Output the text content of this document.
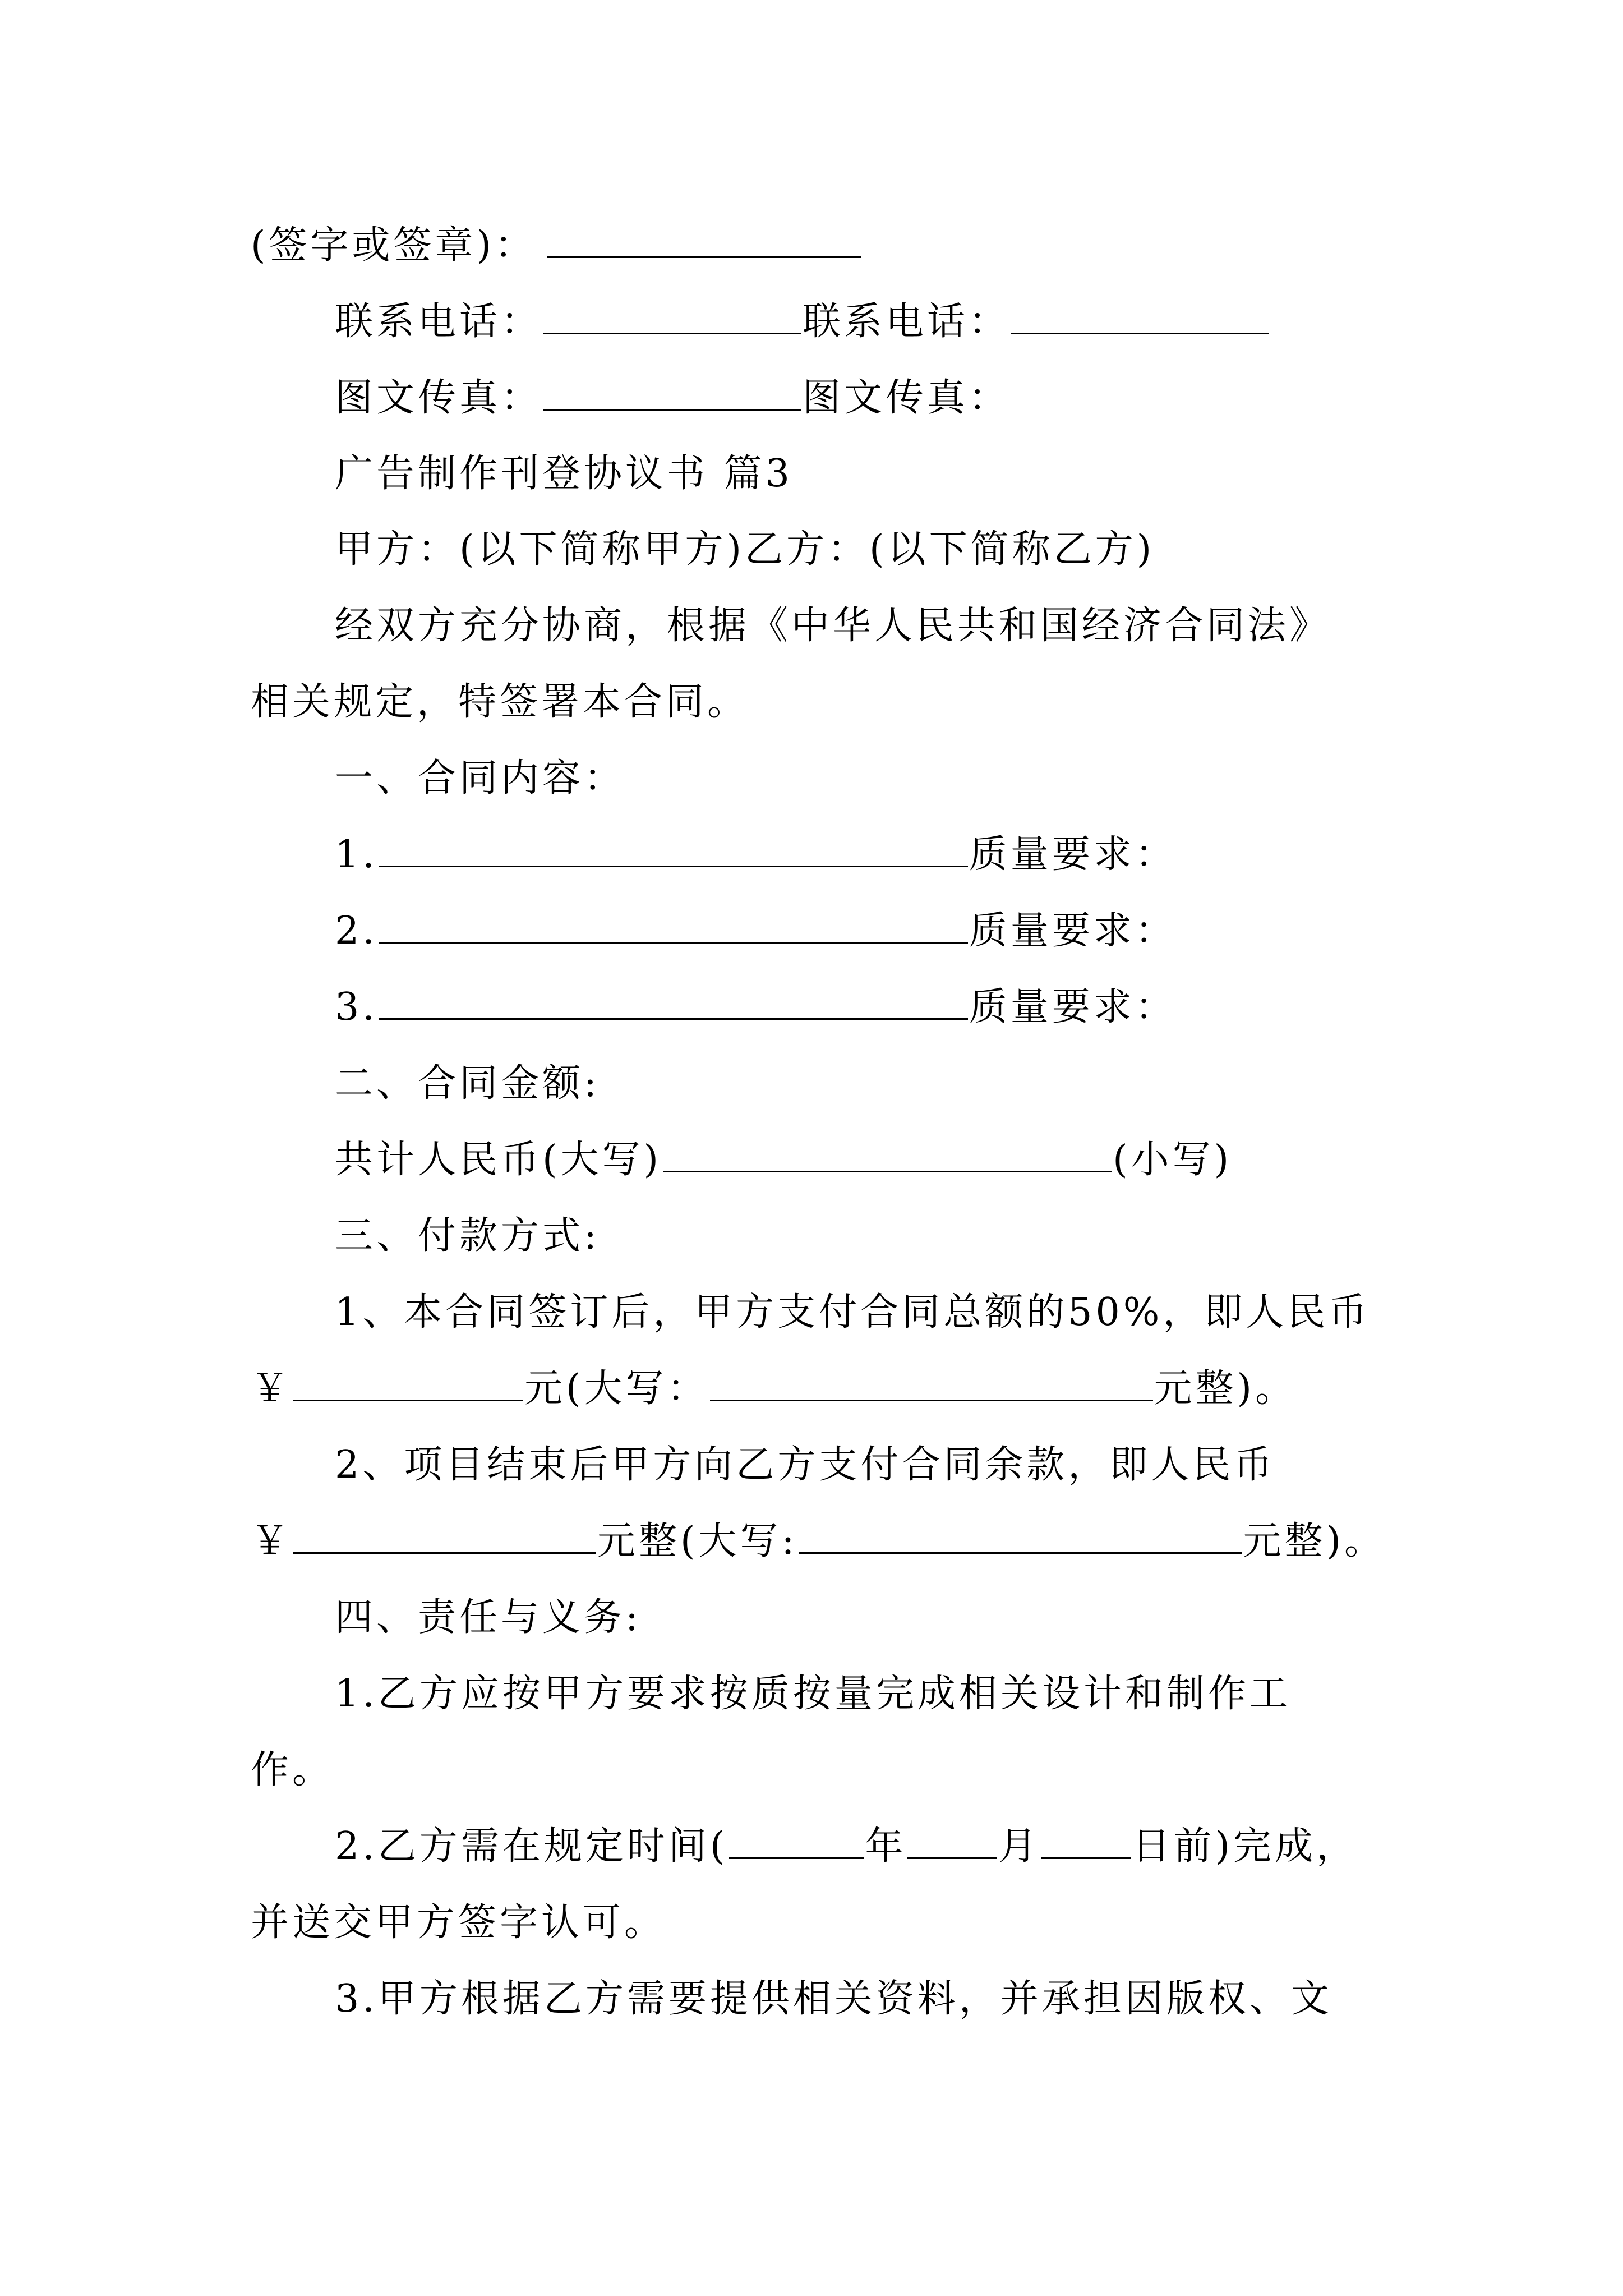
(签字或签章)：
联系电话：	联系电话：
图文传真：	图文传真：
广告制作刊登协议书 篇3
甲方：(以下简称甲方)乙方：(以下简称乙方)
经双方充分协商，根据《中华人民共和国经济合同法》
相关规定，特签署本合同。
一、合同内容：
1.	质量要求：
2.	质量要求：
3.	质量要求：
二、合同金额:
共计人民币(大写)	(小写)
三、付款方式:
1、本合同签订后，甲方支付合同总额的50%，即人民币
￥	元(大写：	元整)。
2、项目结束后甲方向乙方支付合同余款，即人民币
￥	元整(大写:	元整)。
四、责任与义务:
1.乙方应按甲方要求按质按量完成相关设计和制作工
作。
2.乙方需在规定时间(	年 月 日前)完成，
并送交甲方签字认可。
3.甲方根据乙方需要提供相关资料，并承担因版权、文
